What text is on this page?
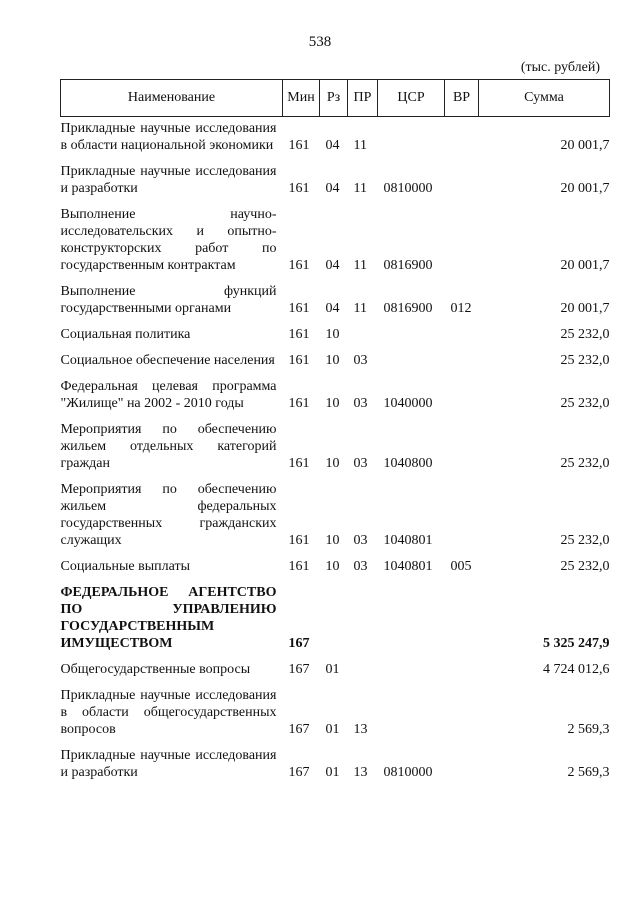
538
(тыс. рублей)
Наименование	Мин	Рз	ПР	ЦСР	ВР	Сумма
Прикладные научные исследования в области национальной экономики	161	04	11			20 001,7
Прикладные научные исследования и разработки	161	04	11	0810000		20 001,7
Выполнение научно-исследовательских и опытно-конструкторских работ по государственным контрактам	161	04	11	0816900		20 001,7
Выполнение функций государственными органами	161	04	11	0816900	012	20 001,7
Социальная политика	161	10				25 232,0
Социальное обеспечение населения	161	10	03			25 232,0
Федеральная целевая программа "Жилище" на 2002 - 2010 годы	161	10	03	1040000		25 232,0
Мероприятия по обеспечению жильем отдельных категорий граждан	161	10	03	1040800		25 232,0
Мероприятия по обеспечению жильем федеральных государственных гражданских служащих	161	10	03	1040801		25 232,0
Социальные выплаты	161	10	03	1040801	005	25 232,0
ФЕДЕРАЛЬНОЕ АГЕНТСТВО ПО УПРАВЛЕНИЮ ГОСУДАРСТВЕННЫМ ИМУЩЕСТВОМ	167					5 325 247,9
Общегосударственные вопросы	167	01				4 724 012,6
Прикладные научные исследования в области общегосударственных вопросов	167	01	13			2 569,3
Прикладные научные исследования и разработки	167	01	13	0810000		2 569,3
